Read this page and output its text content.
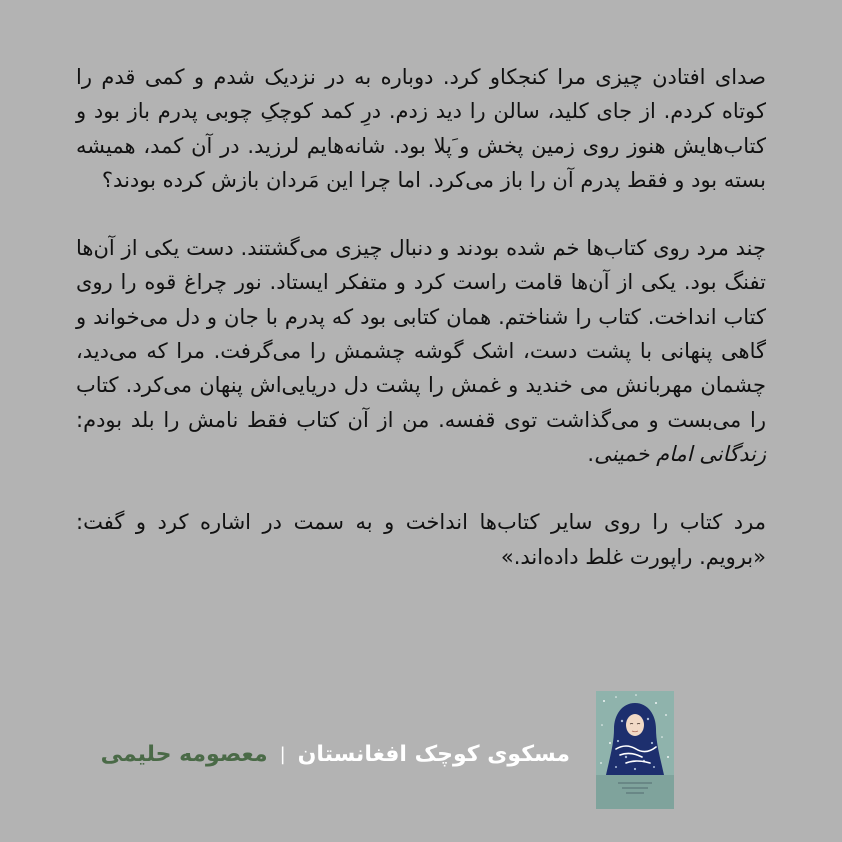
صدای افتادن چیزی مرا کنجکاو کرد. دوباره به در نزدیک شدم و کمی قدم را کوتاه کردم. از جای کلید، سالن را دید زدم. درِ کمد کوچکِ چوبی پدرم باز بود و کتاب‌هایش هنوز روی زمین پخش و َپلا بود. شانه‌هایم لرزید. در آن کمد، همیشه بسته بود و فقط پدرم آن را باز می‌کرد. اما چرا این مَردان بازش کرده بودند؟

چند مرد روی کتاب‌ها خم شده بودند و دنبال چیزی می‌گشتند. دست یکی از آن‌ها تفنگ بود. یکی از آن‌ها قامت راست کرد و متفکر ایستاد. نور چراغ قوه را روی کتاب انداخت. کتاب را شناختم. همان کتابی بود که پدرم با جان و دل می‌خواند و گاهی پنهانی با پشت دست، اشک گوشه چشمش را می‌گرفت. مرا که می‌دید، چشمان مهربانش می خندید و غمش را پشت دل دریایی‌اش پنهان می‌کرد. کتاب را می‌بست و می‌گذاشت توی قفسه. من از آن کتاب فقط نامش را بلد بودم: زندگانی امام خمینی.

مرد کتاب را روی سایر کتاب‌ها انداخت و به سمت در اشاره کرد و گفت: «برویم. راپورت غلط داده‌اند.»

مسکوی کوچک افغانستان
|
معصومه حلیمی
